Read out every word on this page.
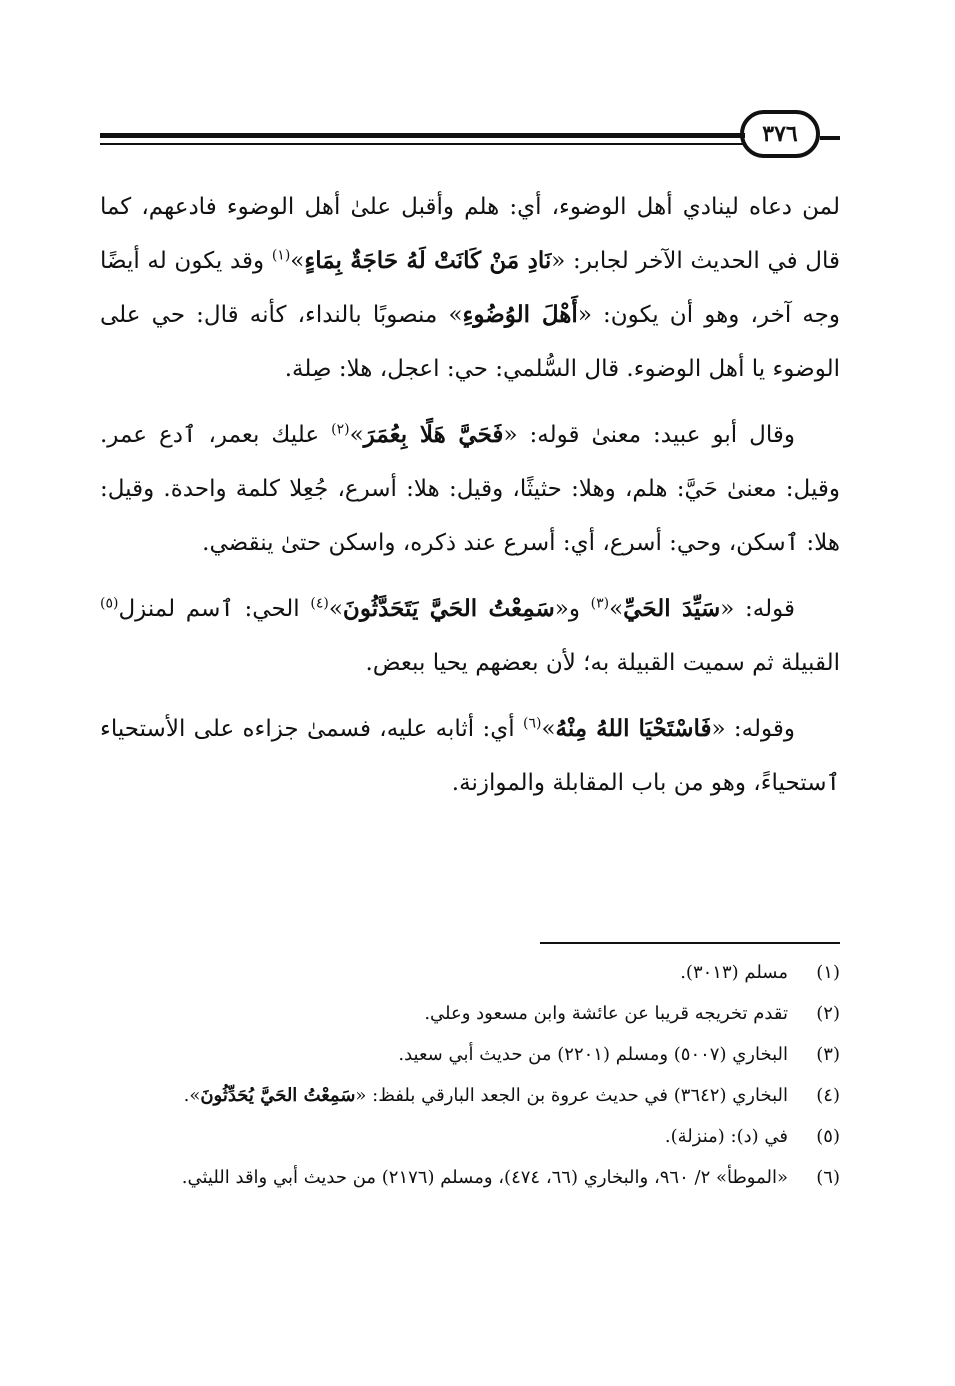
٣٧٦

لمن دعاه لينادي أهل الوضوء، أي: هلم وأقبل علىٰ أهل الوضوء فادعهم، كما قال في الحديث الآخر لجابر: «نَادِ مَنْ كَانَتْ لَهُ حَاجَةٌ بِمَاءٍ»$^{(١)}$ وقد يكون له أيضًا وجه آخر، وهو أن يكون: «أَهْلَ الوُضُوءِ» منصوبًا بالنداء، كأنه قال: حي على الوضوء يا أهل الوضوء. قال السُّلمي: حي: اعجل، هلا: صِلة.

وقال أبو عبيد: معنىٰ قوله: «فَحَيَّ هَلًا بِعُمَرَ»$^{(٢)}$ عليك بعمر، ٱدع عمر. وقيل: معنىٰ حَيَّ: هلم، وهلا: حثيثًا، وقيل: هلا: أسرع، جُعِلا كلمة واحدة. وقيل: هلا: ٱسكن، وحي: أسرع، أي: أسرع عند ذكره، واسكن حتىٰ ينقضي.

قوله: «سَيِّدَ الحَيِّ»$^{(٣)}$ و«سَمِعْتُ الحَيَّ يَتَحَدَّثُونَ»$^{(٤)}$ الحي: ٱسم لمنزل$^{(٥)}$ القبيلة ثم سميت القبيلة به؛ لأن بعضهم يحيا ببعض.

وقوله: «فَاسْتَحْيَا اللهُ مِنْهُ»$^{(٦)}$ أي: أثابه عليه، فسمىٰ جزاءه على الأستحياء ٱستحياءً، وهو من باب المقابلة والموازنة.

(١)
مسلم (٣٠١٣).
(٢)
تقدم تخريجه قريبا عن عائشة وابن مسعود وعلي.
(٣)
البخاري (٥٠٠٧) ومسلم (٢٢٠١) من حديث أبي سعيد.
(٤)
البخاري (٣٦٤٢) في حديث عروة بن الجعد البارقي بلفظ: «سَمِعْتُ الحَيَّ يُحَدِّثُونَ».
(٥)
في (د): (منزلة).
(٦)
«الموطأ» ٢/ ٩٦٠، والبخاري (٦٦، ٤٧٤)، ومسلم (٢١٧٦) من حديث أبي واقد الليثي.
